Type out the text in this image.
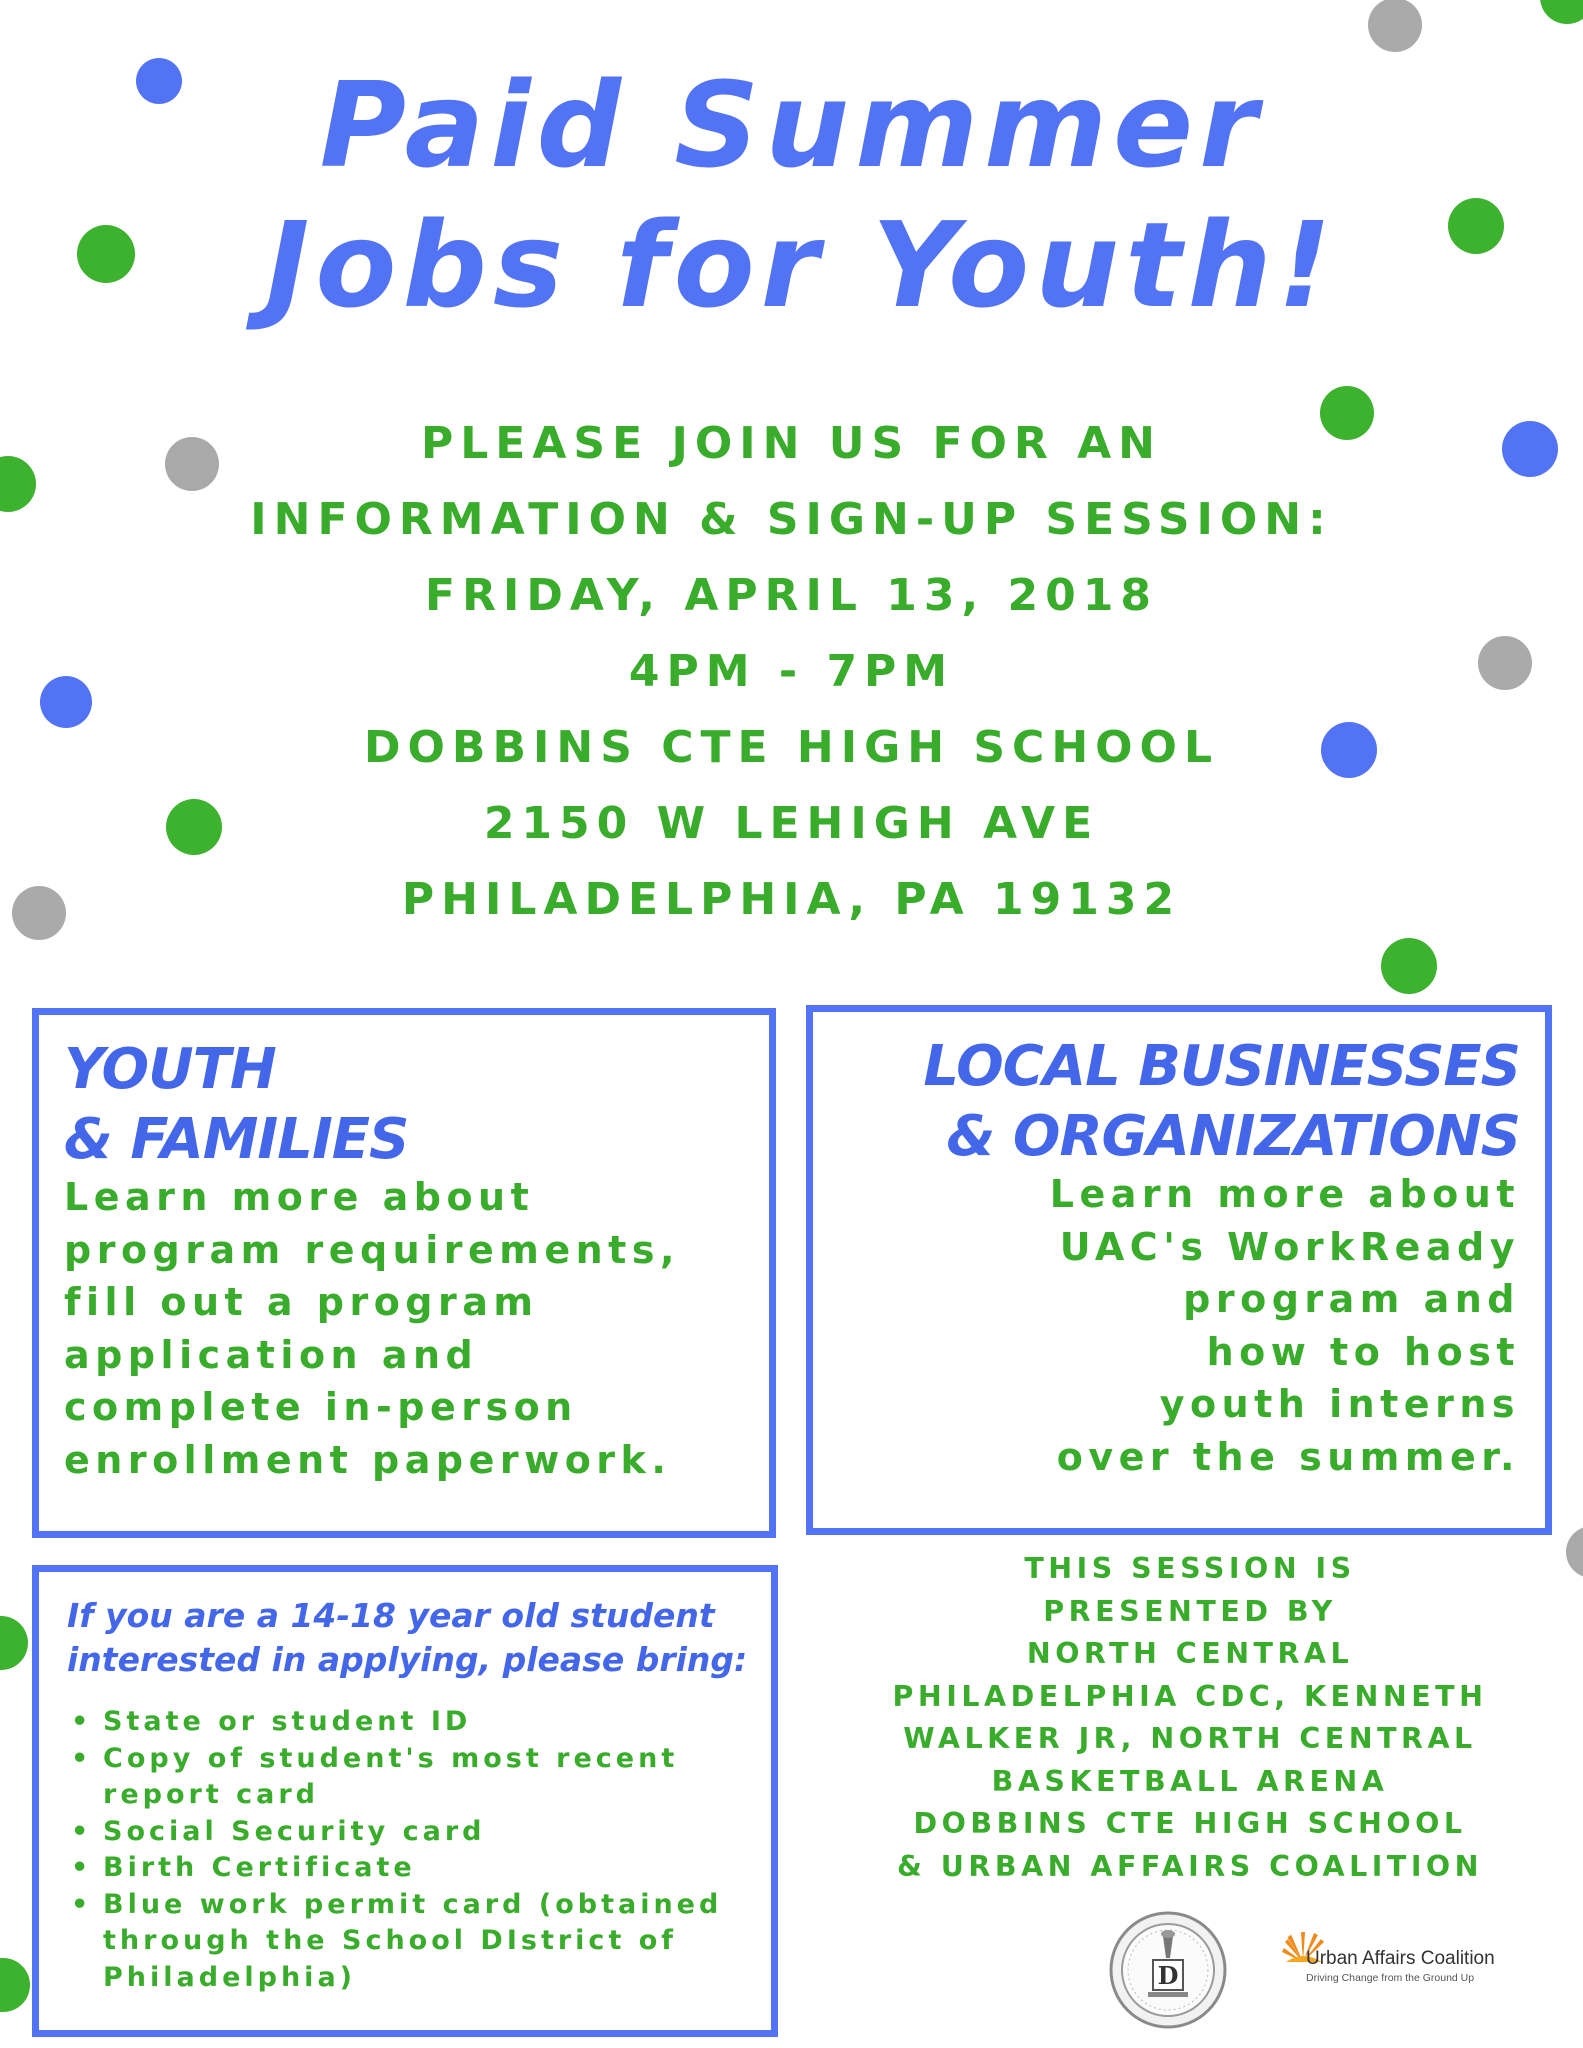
Paid Summer
Jobs for Youth!
PLEASE JOIN US FOR AN
INFORMATION & SIGN-UP SESSION:
FRIDAY, APRIL 13, 2018
4PM - 7PM
DOBBINS CTE HIGH SCHOOL
2150 W LEHIGH AVE
PHILADELPHIA, PA 19132
YOUTH
& FAMILIES
Learn more about
program requirements,
fill out a program
application and
complete in-person
enrollment paperwork.
LOCAL BUSINESSES
& ORGANIZATIONS
Learn more about
UAC's WorkReady
program and
how to host
youth interns
over the summer.
If you are a 14-18 year old student
interested in applying, please bring:
• State or student ID
• Copy of student's most recent
report card
• Social Security card
• Birth Certificate
• Blue work permit card (obtained
through the School DIstrict of
Philadelphia)
THIS SESSION IS
PRESENTED BY
NORTH CENTRAL
PHILADELPHIA CDC, KENNETH
WALKER JR, NORTH CENTRAL
BASKETBALL ARENA
DOBBINS CTE HIGH SCHOOL
& URBAN AFFAIRS COALITION
D
Urban Affairs Coalition
Driving Change from the Ground Up
